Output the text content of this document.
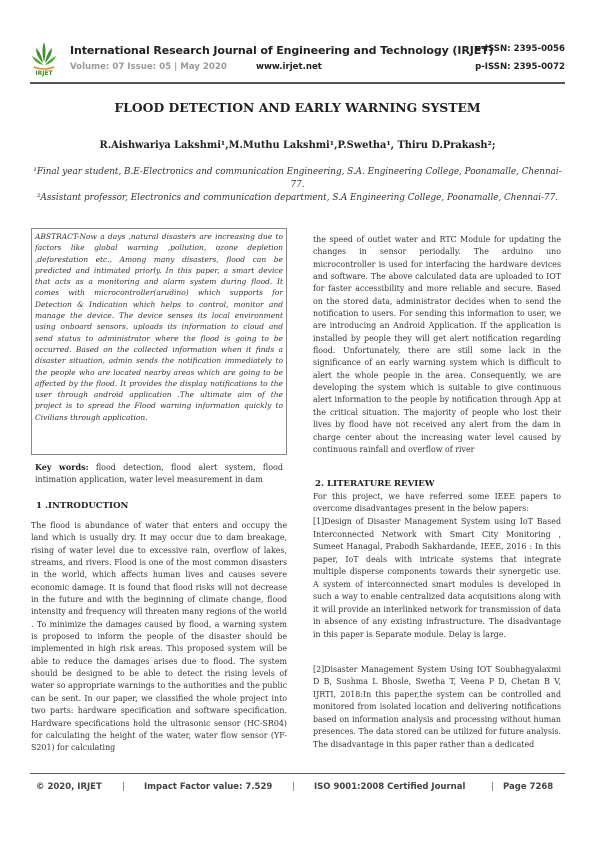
IRJET
International Research Journal of Engineering and Technology (IRJET)
Volume: 07 Issue: 05 | May 2020	www.irjet.net
e-ISSN: 2395-0056
p-ISSN: 2395-0072
FLOOD DETECTION AND EARLY WARNING SYSTEM
R.Aishwariya Lakshmi¹,M.Muthu Lakshmi¹,P.Swetha¹, Thiru D.Prakash²;
¹Final year student, B.E-Electronics and communication Engineering, S.A. Engineering College, Poonamalle, Chennai-77.
²Assistant professor, Electronics and communication department, S.A Engineering College, Poonamalle, Chennai-77.

ABSTRACT-Now a days ,natural disasters are increasing due to factors like global warning ,pollution, ozone depletion ,deforestation etc., Among many disasters, flood can be predicted and intimated priorly. In this paper, a smart device that acts as a monitoring and alarm system during flood. It comes with microcontroller(arudino) which supports for Detection & Indication which helps to control, monitor and manage the device. The device senses its local environment using onboard sensors, uploads its information to cloud and send status to administrator where the flood is going to be occurred. Based on the collected information when it finds a disaster situation, admin sends the notification immediately to the people who are located nearby areas which are going to be affected by the flood. It provides the display notifications to the user through android application .The ultimate aim of the project is to spread the Flood warning information quickly to Civilians through application.

Key words: flood detection, flood alert system, flood intimation application, water level measurement in dam

1 .INTRODUCTION

The flood is abundance of water that enters and occupy the land which is usually dry. It may occur due to dam breakage, rising of water level due to excessive rain, overflow of lakes, streams, and rivers. Flood is one of the most common disasters in the world, which affects human lives and causes severe economic damage. It is found that flood risks will not decrease in the future and with the beginning of climate change, flood intensity and frequency will threaten many regions of the world . To minimize the damages caused by flood, a warning system is proposed to inform the people of the disaster should be implemented in high risk areas. This proposed system will be able to reduce the damages arises due to flood. The system should be designed to be able to detect the rising levels of water so appropriate warnings to the authorities and the public can be sent. In our paper, we classified the whole project into two parts: hardware specification and software specification. Hardware specifications hold the ultrasonic sensor (HC-SR04) for calculating the height of the water, water flow sensor (YF-S201) for calculating

the speed of outlet water and RTC Module for updating the changes in sensor periodally. The arduino uno microcontroller is used for interfacing the hardware devices and software. The above calculated data are uploaded to IOT for faster accessibility and more reliable and secure. Based on the stored data, administrator decides when to send the notification to users. For sending this information to user, we are introducing an Android Application. If the application is installed by people they will get alert notification regarding flood. Unfortunately, there are still some lack in the significance of an early warning system which is difficult to alert the whole people in the area. Consequently, we are developing the system which is suitable to give continuous alert information to the people by notification through App at the critical situation. The majority of people who lost their lives by flood have not received any alert from the dam in charge center about the increasing water level caused by continuous rainfall and overflow of river

2. LITERATURE REVIEW

For this project, we have referred some IEEE papers to overcome disadvantages present in the below papers:

[1]Design of Disaster Management System using IoT Based Interconnected Network with Smart City Monitoring , Sumeet Hanagal, Prabodh Sakhardande, IEEE, 2016 : In this paper, IoT deals with intricate systems that integrate multiple disperse components towards their synergetic use. A system of interconnected smart modules is developed in such a way to enable centralized data acquisitions along with it will provide an interlinked network for transmission of data in absence of any existing infrastructure. The disadvantage in this paper is Separate module. Delay is large.

[2]Disaster Management System Using IOT Soubhagyalaxmi D B, Sushma L Bhosle, Swetha T, Veena P D, Chetan B V, IJRTI, 2018:In this paper,the system can be controlled and monitored from isolated location and delivering notifications based on information analysis and processing without human presences. The data stored can be utilized for future analysis. The disadvantage in this paper rather than a dedicated

© 2020, IRJET | Impact Factor value: 7.529 | ISO 9001:2008 Certified Journal	| Page 7268
